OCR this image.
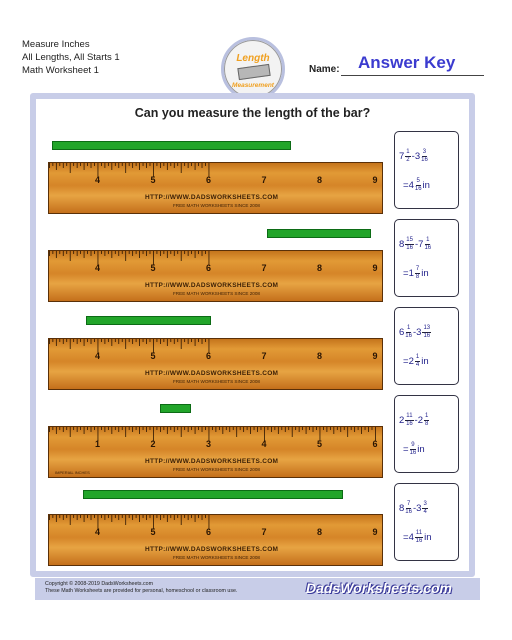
Measure Inches
All Lengths, All Starts 1
Math Worksheet 1
Length
Measurement
Name: Answer Key
Can you measure the length of the bar?
4	5	6	7	8	9
HTTP://WWW.DADSWORKSHEETS.COM
FREE MATH WORKSHEETS SINCE 2008
$7 \frac{1}{2} -3 \frac{3}{16}$
$=4 \frac{5}{16}$ in
4	5	6	7	8	9
HTTP://WWW.DADSWORKSHEETS.COM
FREE MATH WORKSHEETS SINCE 2008
$8 \frac{15}{16} -7 \frac{1}{16}$
$=1 \frac{7}{8}$ in
4	5	6	7	8	9
HTTP://WWW.DADSWORKSHEETS.COM
FREE MATH WORKSHEETS SINCE 2008
$6 \frac{1}{16} -3 \frac{13}{16}$
$=2 \frac{1}{4}$ in
1	2	3	4	5	6
HTTP://WWW.DADSWORKSHEETS.COM
FREE MATH WORKSHEETS SINCE 2008
IMPERIAL INCHES
$2 \frac{11}{16} -2 \frac{1}{8}$
= $\frac{9}{16}$ in
4	5	6	7	8	9
HTTP://WWW.DADSWORKSHEETS.COM
FREE MATH WORKSHEETS SINCE 2008
$8 \frac{7}{16} -3 \frac{3}{4}$
$=4 \frac{11}{16}$ in
Copyright © 2008-2019 DadsWorksheets.com
These Math Worksheets are provided for personal, homeschool or classroom use.	DadsWorksheets.com
